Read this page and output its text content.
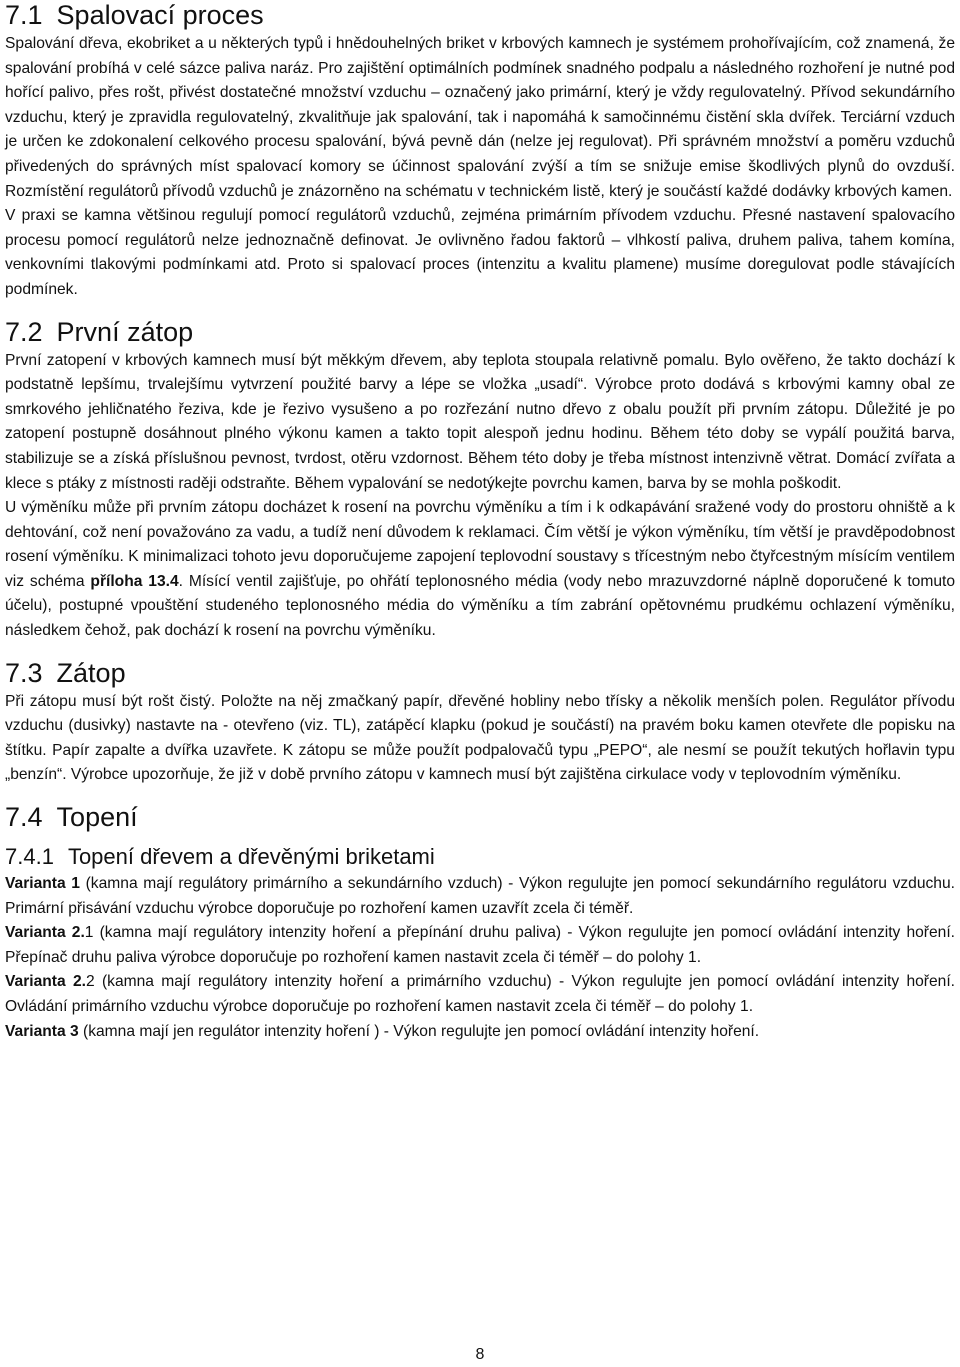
7.1 Spalovací proces

Spalování dřeva, ekobriket a u některých typů i hnědouhelných briket v krbových kamnech je systémem prohořívajícím, což znamená, že spalování probíhá v celé sázce paliva naráz. Pro zajištění optimálních podmínek snadného podpalu a následného rozhoření je nutné pod hořící palivo, přes rošt, přivést dostatečné množství vzduchu – označený jako primární, který je vždy regulovatelný. Přívod sekundárního vzduchu, který je zpravidla regulovatelný, zkvalitňuje jak spalování, tak i napomáhá k samočinnému čistění skla dvířek. Terciární vzduch je určen ke zdokonalení celkového procesu spalování, bývá pevně dán (nelze jej regulovat). Při správném množství a poměru vzduchů přivedených do správných míst spalovací komory se účinnost spalování zvýší a tím se snižuje emise škodlivých plynů do ovzduší. Rozmístění regulátorů přívodů vzduchů je znázorněno na schématu v technickém listě, který je součástí každé dodávky krbových kamen.

V praxi se kamna většinou regulují pomocí regulátorů vzduchů, zejména primárním přívodem vzduchu. Přesné nastavení spalovacího procesu pomocí regulátorů nelze jednoznačně definovat. Je ovlivněno řadou faktorů – vlhkostí paliva, druhem paliva, tahem komína, venkovními tlakovými podmínkami atd. Proto si spalovací proces (intenzitu a kvalitu plamene) musíme doregulovat podle stávajících podmínek.

7.2 První zátop

První zatopení v krbových kamnech musí být měkkým dřevem, aby teplota stoupala relativně pomalu. Bylo ověřeno, že takto dochází k podstatně lepšímu, trvalejšímu vytvrzení použité barvy a lépe se vložka „usadí“. Výrobce proto dodává s krbovými kamny obal ze smrkového jehličnatého řeziva, kde je řezivo vysušeno a po rozřezání nutno dřevo z obalu použít při prvním zátopu. Důležité je po zatopení postupně dosáhnout plného výkonu kamen a takto topit alespoň jednu hodinu. Během této doby se vypálí použitá barva, stabilizuje se a získá příslušnou pevnost, tvrdost, otěru vzdornost. Během této doby je třeba místnost intenzivně větrat. Domácí zvířata a klece s ptáky z místnosti raději odstraňte. Během vypalování se nedotýkejte povrchu kamen, barva by se mohla poškodit.

U výměníku může při prvním zátopu docházet k rosení na povrchu výměníku a tím i k odkapávání sražené vody do prostoru ohniště a k dehtování, což není považováno za vadu, a tudíž není důvodem k reklamaci. Čím větší je výkon výměníku, tím větší je pravděpodobnost rosení výměníku. K minimalizaci tohoto jevu doporučujeme zapojení teplovodní soustavy s třícestným nebo čtyřcestným mísícím ventilem viz schéma příloha 13.4. Mísící ventil zajišťuje, po ohřátí teplonosného média (vody nebo mrazuvzdorné náplně doporučené k tomuto účelu), postupné vpouštění studeného teplonosného média do výměníku a tím zabrání opětovnému prudkému ochlazení výměníku, následkem čehož, pak dochází k rosení na povrchu výměníku.

7.3 Zátop

Při zátopu musí být rošt čistý. Položte na něj zmačkaný papír, dřevěné hobliny nebo třísky a několik menších polen. Regulátor přívodu vzduchu (dusivky) nastavte na - otevřeno (viz. TL), zatápěcí klapku (pokud je součástí) na pravém boku kamen otevřete dle popisku na štítku. Papír zapalte a dvířka uzavřete. K zátopu se může použít podpalovačů typu „PEPO“, ale nesmí se použít tekutých hořlavin typu „benzín“. Výrobce upozorňuje, že již v době prvního zátopu v kamnech musí být zajištěna cirkulace vody v teplovodním výměníku.

7.4 Topení
7.4.1 Topení dřevem a dřevěnými briketami

Varianta 1 (kamna mají regulátory primárního a sekundárního vzduch) - Výkon regulujte jen pomocí sekundárního regulátoru vzduchu. Primární přisávání vzduchu výrobce doporučuje po rozhoření kamen uzavřít zcela či téměř.

Varianta 2.1 (kamna mají regulátory intenzity hoření a přepínání druhu paliva) - Výkon regulujte jen pomocí ovládání intenzity hoření. Přepínač druhu paliva výrobce doporučuje po rozhoření kamen nastavit zcela či téměř – do polohy 1.

Varianta 2.2 (kamna mají regulátory intenzity hoření a primárního vzduchu) - Výkon regulujte jen pomocí ovládání intenzity hoření. Ovládání primárního vzduchu výrobce doporučuje po rozhoření kamen nastavit zcela či téměř – do polohy 1.

Varianta 3 (kamna mají jen regulátor intenzity hoření ) - Výkon regulujte jen pomocí ovládání intenzity hoření.

8
